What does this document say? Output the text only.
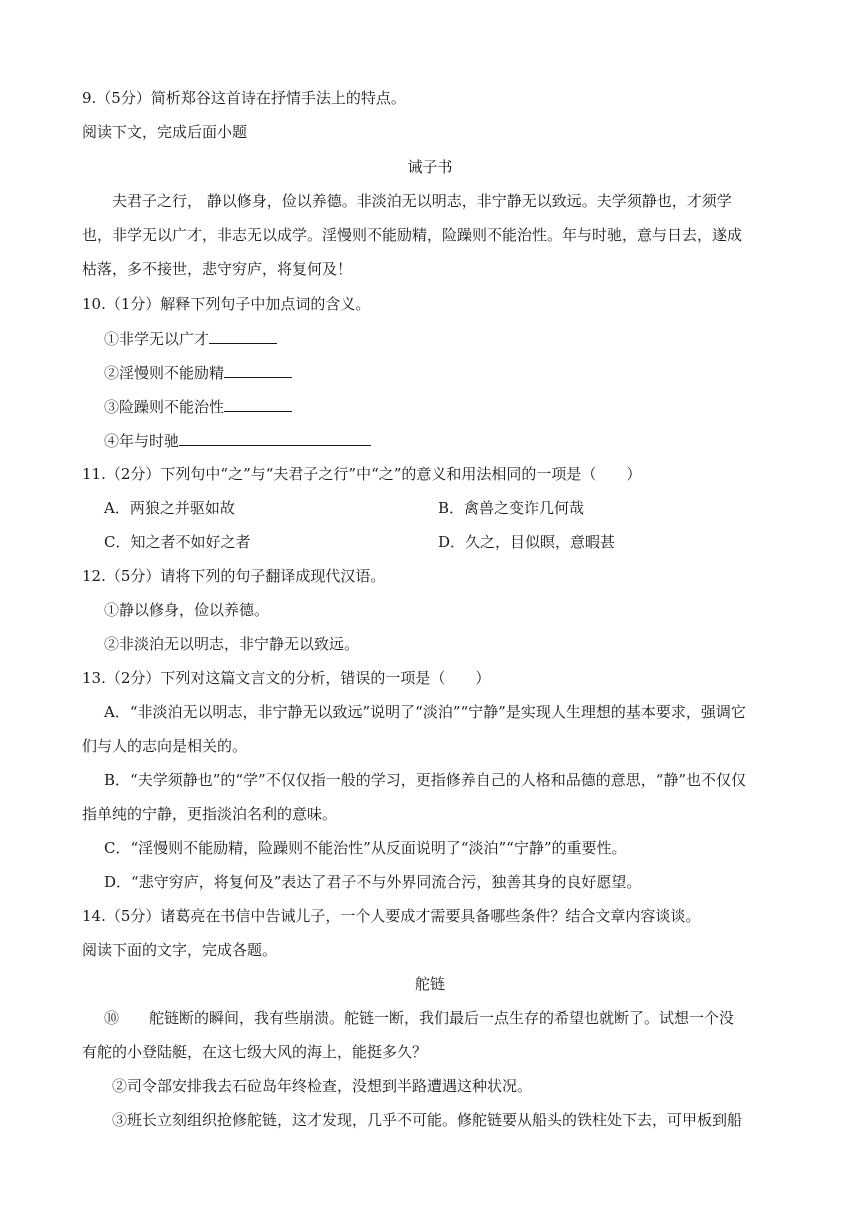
9.（5分）简析郑谷这首诗在抒情手法上的特点。
阅读下文，完成后面小题
诫子书
夫君子之行， 静以修身，俭以养德。非淡泊无以明志，非宁静无以致远。夫学须静也，才须学
也，非学无以广才，非志无以成学。淫慢则不能励精，险躁则不能治性。年与时驰，意与日去，遂成
枯落，多不接世，悲守穷庐，将复何及！
10.（1分）解释下列句子中加点词的含义。
①非学无以广才
②淫慢则不能励精
③险躁则不能治性
④年与时驰
11.（2分）下列句中“之”与“夫君子之行”中“之”的意义和用法相同的一项是（　　）
A．两狼之并驱如故	B．禽兽之变诈几何哉
C．知之者不如好之者	D．久之，目似瞑，意暇甚
12.（5分）请将下列的句子翻译成现代汉语。
①静以修身，俭以养德。
②非淡泊无以明志，非宁静无以致远。
13.（2分）下列对这篇文言文的分析，错误的一项是（　　）
A．“非淡泊无以明志，非宁静无以致远”说明了“淡泊”“宁静”是实现人生理想的基本要求，强调它
们与人的志向是相关的。
B．“夫学须静也”的“学”不仅仅指一般的学习，更指修养自己的人格和品德的意思，“静”也不仅仅
指单纯的宁静，更指淡泊名利的意味。
C．“淫慢则不能励精，险躁则不能治性”从反面说明了“淡泊”“宁静”的重要性。
D．“悲守穷庐，将复何及”表达了君子不与外界同流合污，独善其身的良好愿望。
14.（5分）诸葛亮在书信中告诫儿子，一个人要成才需要具备哪些条件？结合文章内容谈谈。
阅读下面的文字，完成各题。
舵链
⑩　　舵链断的瞬间，我有些崩溃。舵链一断，我们最后一点生存的希望也就断了。试想一个没
有舵的小登陆艇，在这七级大风的海上，能挺多久？
②司令部安排我去石砬岛年终检查，没想到半路遭遇这种状况。
③班长立刻组织抢修舵链，这才发现，几乎不可能。修舵链要从船头的铁柱处下去，可甲板到船
